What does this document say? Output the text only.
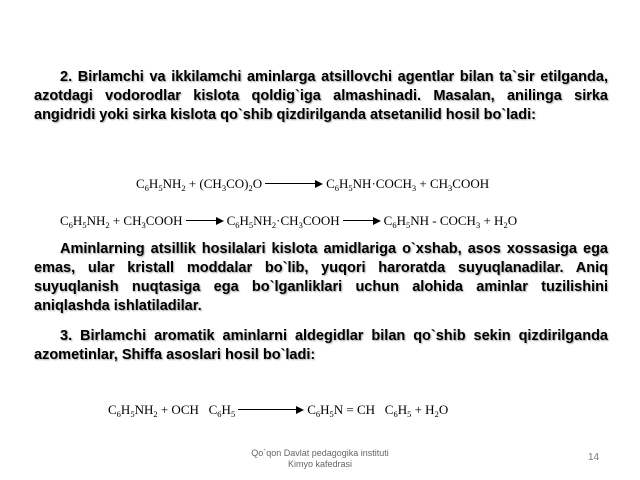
2. Birlamchi va ikkilamchi aminlarga atsillovchi agentlar bilan ta`sir etilganda, azotdagi vodorodlar kislota qoldig`iga almashinadi. Masalan, anilinga sirka angidridi yoki sirka kislota qo`shib qizdirilganda atsetanilid hosil bo`ladi:

$C_6H_5NH_2 + (CH_3CO)_2O$	$C_6H_5NH\cdot COCH_3$ + $CH_3COOH$
$C_6H_5NH_2$ + $CH_3COOH$	$C_6H_5NH_2\cdot CH_3COOH$	$C_6H_5NH$ - $COCH_3 + H_2O$

Aminlarning atsillik hosilalari kislota amidlariga o`xshab, asos xossasiga ega emas, ular kristall moddalar bo`lib, yuqori haroratda suyuqlanadilar. Aniq suyuqlanish nuqtasiga ega bo`lganliklari uchun alohida aminlar tuzilishini aniqlashda ishlatiladilar.

3. Birlamchi aromatik aminlarni aldegidlar bilan qo`shib sekin qizdirilganda azometinlar, Shiffa asoslari hosil bo`ladi:

$C_6H_5NH_2$ + OCH   $C_6H_5$	$C_6H_5N$ = CH   $C_6H_5 + H_2O$
Qo`qon Davlat pedagogika instituti
Kimyo kafedrasi
14
